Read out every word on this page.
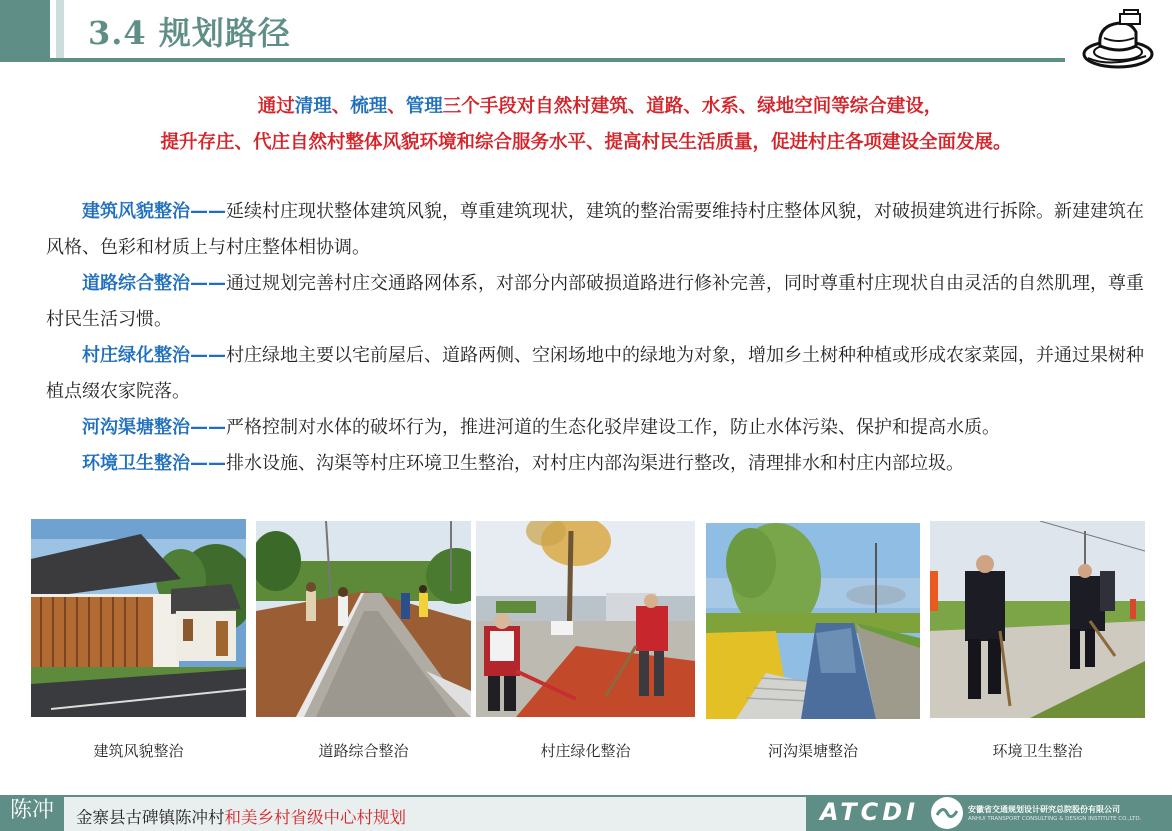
3.4 规划路径
通过清理、梳理、管理三个手段对自然村建筑、道路、水系、绿地空间等综合建设，
提升存庄、代庄自然村整体风貌环境和综合服务水平、提高村民生活质量，促进村庄各项建设全面发展。
建筑风貌整治——延续村庄现状整体建筑风貌，尊重建筑现状，建筑的整治需要维持村庄整体风貌，对破损建筑进行拆除。新建建筑在风格、色彩和材质上与村庄整体相协调。
道路综合整治——通过规划完善村庄交通路网体系，对部分内部破损道路进行修补完善，同时尊重村庄现状自由灵活的自然肌理，尊重村民生活习惯。
村庄绿化整治——村庄绿地主要以宅前屋后、道路两侧、空闲场地中的绿地为对象，增加乡土树种种植或形成农家菜园，并通过果树种植点缀农家院落。
河沟渠塘整治——严格控制对水体的破坏行为，推进河道的生态化驳岸建设工作，防止水体污染、保护和提高水质。
环境卫生整治——排水设施、沟渠等村庄环境卫生整治，对村庄内部沟渠进行整改，清理排水和村庄内部垃圾。
建筑风貌整治	道路综合整治	村庄绿化整治	河沟渠塘整治	环境卫生整治
陈冲	金寨县古碑镇陈冲村和美乡村省级中心村规划	ATCDI	安徽省交通规划设计研究总院股份有限公司
ANHUI TRANSPORT CONSULTING & DESIGN INSTITUTE CO.,LTD.
